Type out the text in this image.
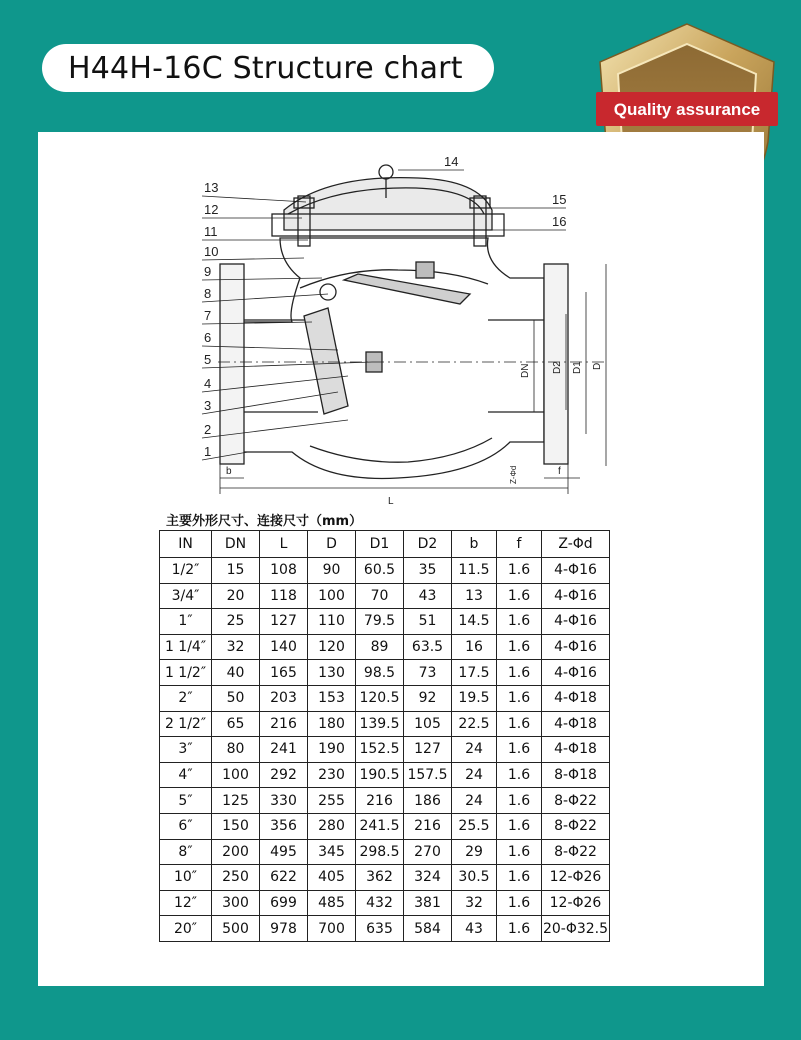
H44H-16C Structure chart
Quality assurance
13
12
11
10
9
8
7
6
5
4
3
2
1
14
15
16
D2 D1 D
DN
b	f
L
Z-Φd
主要外形尺寸、连接尺寸（mm）
IN	DN	L	D	D1	D2	b	f	Z-Φd
1/2″	15	108	90	60.5	35	11.5	1.6	4-Φ16
3/4″	20	118	100	70	43	13	1.6	4-Φ16
1″	25	127	110	79.5	51	14.5	1.6	4-Φ16
1 1/4″	32	140	120	89	63.5	16	1.6	4-Φ16
1 1/2″	40	165	130	98.5	73	17.5	1.6	4-Φ16
2″	50	203	153	120.5	92	19.5	1.6	4-Φ18
2 1/2″	65	216	180	139.5	105	22.5	1.6	4-Φ18
3″	80	241	190	152.5	127	24	1.6	4-Φ18
4″	100	292	230	190.5	157.5	24	1.6	8-Φ18
5″	125	330	255	216	186	24	1.6	8-Φ22
6″	150	356	280	241.5	216	25.5	1.6	8-Φ22
8″	200	495	345	298.5	270	29	1.6	8-Φ22
10″	250	622	405	362	324	30.5	1.6	12-Φ26
12″	300	699	485	432	381	32	1.6	12-Φ26
20″	500	978	700	635	584	43	1.6	20-Φ32.5
